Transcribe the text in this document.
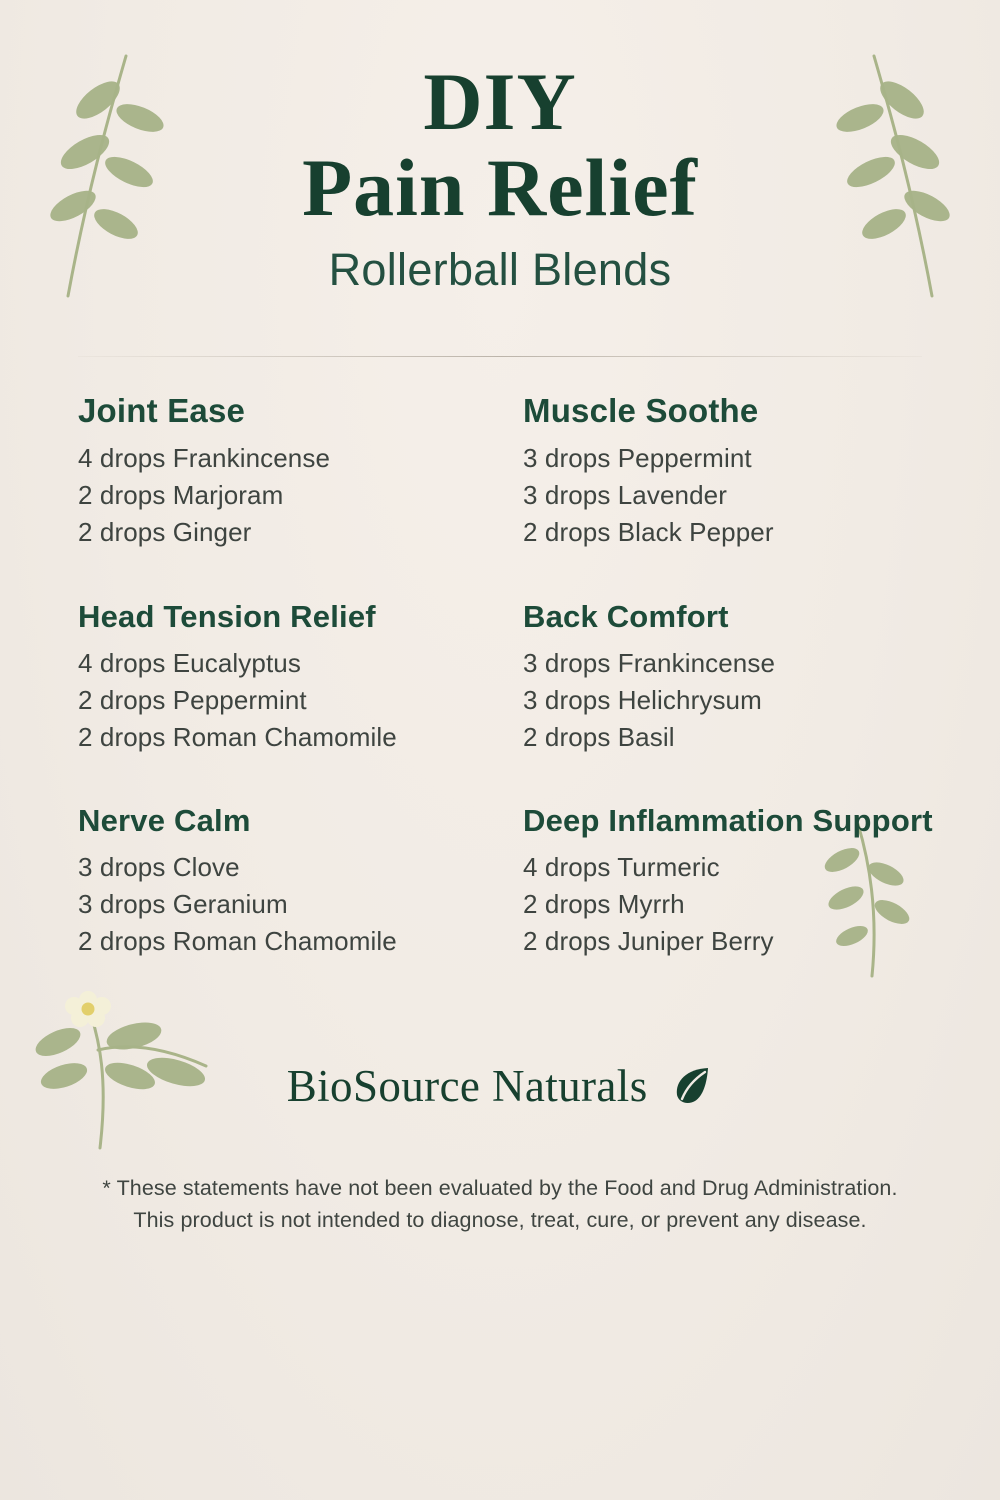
DIY
Pain Relief
Rollerball Blends
Joint Ease
4 drops Frankincense
2 drops Marjoram
2 drops Ginger
Muscle Soothe
3 drops Peppermint
3 drops Lavender
2 drops Black Pepper
Head Tension Relief
4 drops Eucalyptus
2 drops Peppermint
2 drops Roman Chamomile
Back Comfort
3 drops Frankincense
3 drops Helichrysum
2 drops Basil
Nerve Calm
3 drops Clove
3 drops Geranium
2 drops Roman Chamomile
Deep Inflammation Support
4 drops Turmeric
2 drops Myrrh
2 drops Juniper Berry
BioSource Naturals
* These statements have not been evaluated by the Food and Drug Administration.
This product is not intended to diagnose, treat, cure, or prevent any disease.
